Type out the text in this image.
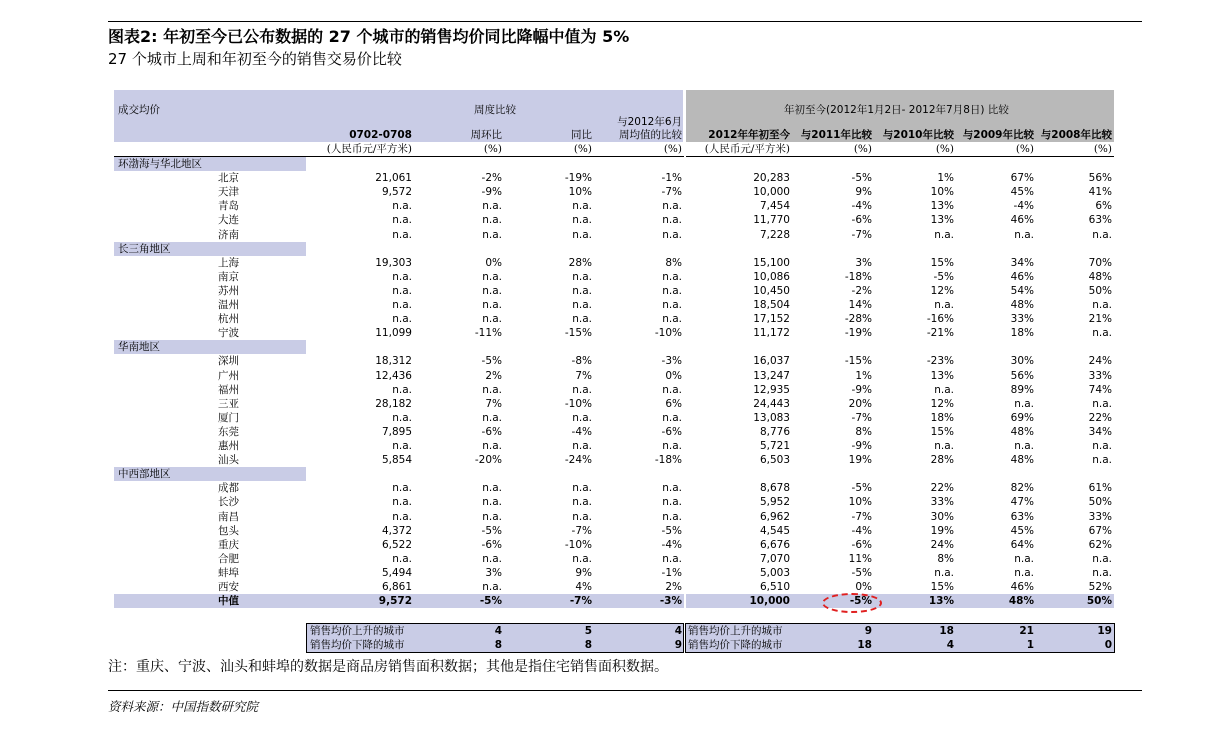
图表2: 年初至今已公布数据的 27 个城市的销售均价同比降幅中值为 5%
27 个城市上周和年初至今的销售交易价比较
成交均价	周度比较	年初至今(2012年1月2日- 2012年7月8日) 比较
与2012年6月
0702-0708	周环比	同比	周均值的比较	2012年年初至今 与2011年比较 与2010年比较 与2009年比较 与2008年比较
(人民币元/平方米)	(%)	(%)	(%) (人民币元/平方米)	(%)	(%)	(%)	(%)
环渤海与华北地区
北京	21,061	-2%	-19%	-1%	20,283	-5%	1%	67%	56%
天津	9,572	-9%	10%	-7%	10,000	9%	10%	45%	41%
青岛	n.a.	n.a.	n.a.	n.a.	7,454	-4%	13%	-4%	6%
大连	n.a.	n.a.	n.a.	n.a.	11,770	-6%	13%	46%	63%
济南	n.a.	n.a.	n.a.	n.a.	7,228	-7%	n.a.	n.a.	n.a.
长三角地区
上海	19,303	0%	28%	8%	15,100	3%	15%	34%	70%
南京	n.a.	n.a.	n.a.	n.a.	10,086	-18%	-5%	46%	48%
苏州	n.a.	n.a.	n.a.	n.a.	10,450	-2%	12%	54%	50%
温州	n.a.	n.a.	n.a.	n.a.	18,504	14%	n.a.	48%	n.a.
杭州	n.a.	n.a.	n.a.	n.a.	17,152	-28%	-16%	33%	21%
宁波	11,099	-11%	-15%	-10%	11,172	-19%	-21%	18%	n.a.
华南地区
深圳	18,312	-5%	-8%	-3%	16,037	-15%	-23%	30%	24%
广州	12,436	2%	7%	0%	13,247	1%	13%	56%	33%
福州	n.a.	n.a.	n.a.	n.a.	12,935	-9%	n.a.	89%	74%
三亚	28,182	7%	-10%	6%	24,443	20%	12%	n.a.	n.a.
厦门	n.a.	n.a.	n.a.	n.a.	13,083	-7%	18%	69%	22%
东莞	7,895	-6%	-4%	-6%	8,776	8%	15%	48%	34%
惠州	n.a.	n.a.	n.a.	n.a.	5,721	-9%	n.a.	n.a.	n.a.
汕头	5,854	-20%	-24%	-18%	6,503	19%	28%	48%	n.a.
中西部地区
成都	n.a.	n.a.	n.a.	n.a.	8,678	-5%	22%	82%	61%
长沙	n.a.	n.a.	n.a.	n.a.	5,952	10%	33%	47%	50%
南昌	n.a.	n.a.	n.a.	n.a.	6,962	-7%	30%	63%	33%
包头	4,372	-5%	-7%	-5%	4,545	-4%	19%	45%	67%
重庆	6,522	-6%	-10%	-4%	6,676	-6%	24%	64%	62%
合肥	n.a.	n.a.	n.a.	n.a.	7,070	11%	8%	n.a.	n.a.
蚌埠	5,494	3%	9%	-1%	5,003	-5%	n.a.	n.a.	n.a.
西安	6,861	n.a.	4%	2%	6,510	0%	15%	46%	52%
中值	9,572	-5%	-7%	-3%	10,000	-5%	13%	48%	50%
销售均价上升的城市	4	5	4
销售均价下降的城市	8	8	9
销售均价上升的城市	9	18	21	19
销售均价下降的城市	18	4	1	0
注：重庆、宁波、汕头和蚌埠的数据是商品房销售面积数据；其他是指住宅销售面积数据。
资料来源：中国指数研究院
